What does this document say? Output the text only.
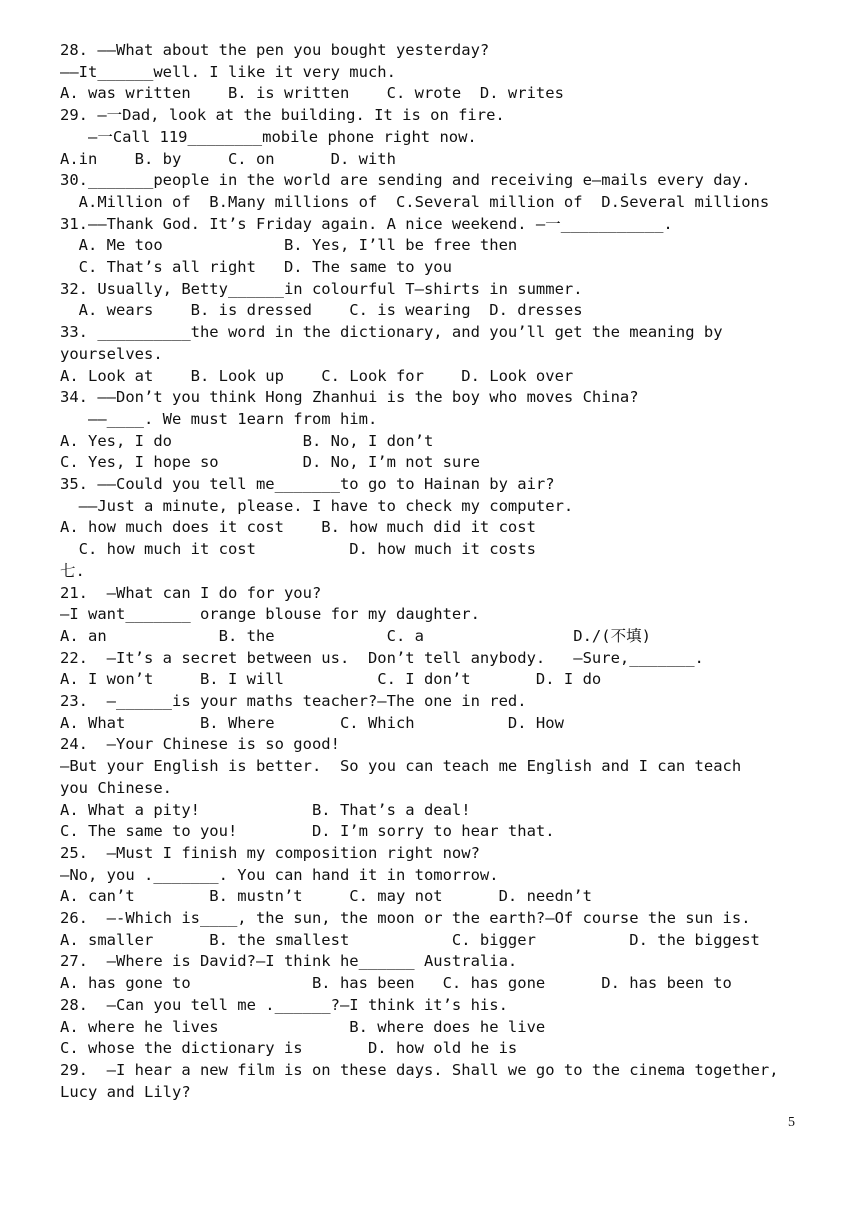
28. ——What about the pen you bought yesterday?
——It______well. I like it very much.
A. was written    B. is written    C. wrote  D. writes
29. —一Dad, look at the building. It is on fire.
—一Call 119________mobile phone right now.
A.in    B. by     C. on      D. with
30._______people in the world are sending and receiving e—mails every day.
A.Million of  B.Many millions of  C.Several million of  D.Several millions
31.——Thank God. It’s Friday again. A nice weekend. —一___________.
A. Me too             B. Yes, I’ll be free then
C. That’s all right   D. The same to you
32. Usually, Betty______in colourful T—shirts in summer.
A. wears    B. is dressed    C. is wearing  D. dresses
33. __________the word in the dictionary, and you’ll get the meaning by
yourselves.
A. Look at    B. Look up    C. Look for    D. Look over
34. ——Don’t you think Hong Zhanhui is the boy who moves China?
——____. We must 1earn from him.
A. Yes, I do              B. No, I don’t
C. Yes, I hope so         D. No, I’m not sure
35. ——Could you tell me_______to go to Hainan by air?
——Just a minute, please. I have to check my computer.
A. how much does it cost    B. how much did it cost
C. how much it cost          D. how much it costs
七.
21.  —What can I do for you?
—I want_______ orange blouse for my daughter.
A. an            B. the            C. a                D./(不填)
22.  —It’s a secret between us.  Don’t tell anybody.   —Sure,_______.
A. I won’t     B. I will          C. I don’t       D. I do
23.  —______is your maths teacher?—The one in red.
A. What        B. Where       C. Which          D. How
24.  —Your Chinese is so good!
—But your English is better.  So you can teach me English and I can teach
you Chinese.
A. What a pity!            B. That’s a deal!
C. The same to you!        D. I’m sorry to hear that.
25.  —Must I finish my composition right now?
—No, you ._______. You can hand it in tomorrow.
A. can’t        B. mustn’t     C. may not      D. needn’t
26.  —-Which is____, the sun, the moon or the earth?—Of course the sun is.
A. smaller      B. the smallest           C. bigger          D. the biggest
27.  —Where is David?—I think he______ Australia.
A. has gone to             B. has been   C. has gone      D. has been to
28.  —Can you tell me .______?—I think it’s his.
A. where he lives              B. where does he live
C. whose the dictionary is       D. how old he is
29.  —I hear a new film is on these days. Shall we go to the cinema together,
Lucy and Lily?
5
